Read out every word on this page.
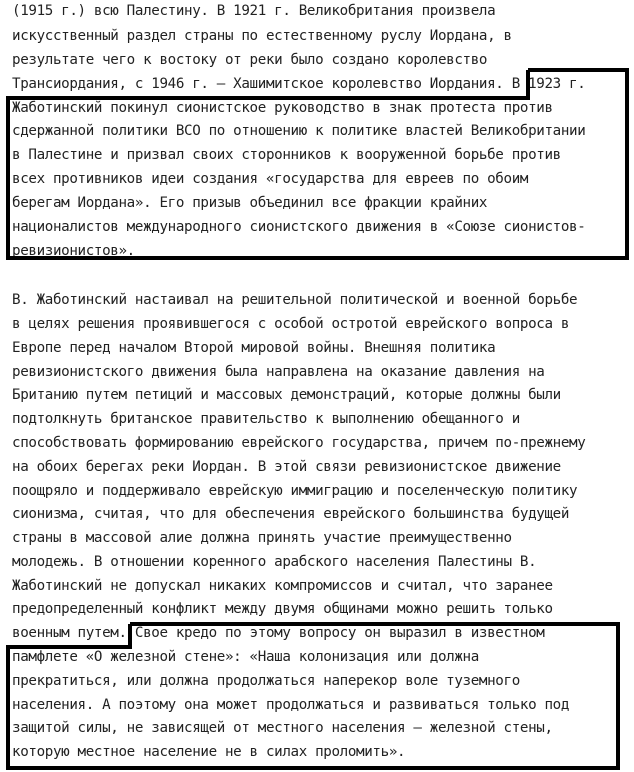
(1915 г.) всю Палестину. В 1921 г. Великобритания произвела
искусственный раздел страны по естественному руслу Иордана, в
результате чего к востоку от реки было создано королевство
Трансиордания, с 1946 г. — Хашимитское королевство Иордания. В 1923 г.
Жаботинский покинул сионистское руководство в знак протеста против
сдержанной политики ВСО по отношению к политике властей Великобритании
в Палестине и призвал своих сторонников к вооруженной борьбе против
всех противников идеи создания «государства для евреев по обоим
берегам Иордана». Его призыв объединил все фракции крайних
националистов международного сионистского движения в «Союзе сионистов-
ревизионистов».
В. Жаботинский настаивал на решительной политической и военной борьбе
в целях решения проявившегося с особой остротой еврейского вопроса в
Европе перед началом Второй мировой войны. Внешняя политика
ревизионистского движения была направлена на оказание давления на
Британию путем петиций и массовых демонстраций, которые должны были
подтолкнуть британское правительство к выполнению обещанного и
способствовать формированию еврейского государства, причем по-прежнему
на обоих берегах реки Иордан. В этой связи ревизионистское движение
поощряло и поддерживало еврейскую иммиграцию и поселенческую политику
сионизма, считая, что для обеспечения еврейского большинства будущей
страны в массовой алие должна принять участие преимущественно
молодежь. В отношении коренного арабского населения Палестины В.
Жаботинский не допускал никаких компромиссов и считал, что заранее
предопределенный конфликт между двумя общинами можно решить только
военным путем. Свое кредо по этому вопросу он выразил в известном
памфлете «О железной стене»: «Наша колонизация или должна
прекратиться, или должна продолжаться наперекор воле туземного
населения. А поэтому она может продолжаться и развиваться только под
защитой силы, не зависящей от местного населения – железной стены,
которую местное население не в силах проломить».
